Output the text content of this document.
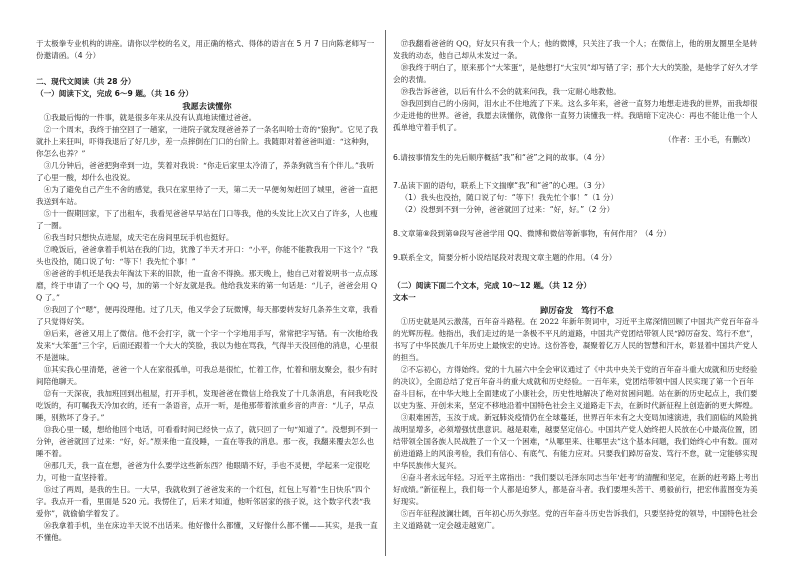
于太极拳专业机构的讲座。请你以学校的名义，用正确的格式、得体的语言在 5 月 7 日向陈老师写一份邀请函。（4 分）

二、现代文阅读（共 28 分）

（一）阅读下文，完成 6～9 题。（共 16 分）

我愿去读懂你

①我最后悔的一件事，就是很多年来从没有认真地读懂过爸爸。

②一个周末，我终于抽空回了一趟家，一进院子就发现爸爸养了一条名叫哈士奇的“狼狗”。它见了我就扑上来狂叫，吓得我退后了好几步，差一点摔倒在门口的台阶上。我随即对着爸爸叫道：“这种狗，你怎么也养？”

③几分钟后，爸爸把狗牵到一边，笑着对我说：“你走后家里太冷清了，养条狗就当有个伴儿。”我听了心里一酸，却什么也没说。

④为了避免自己产生不舍的感觉，我只在家里待了一天，第二天一早便匆匆赶回了城里，爸爸一直把我送到车站。

⑤十一假期回家，下了出租车，我看见爸爸早早站在门口等我，他的头发比上次又白了许多，人也瘦了一圈。

⑥我当时只想快点进屋，成天宅在房间里玩手机也挺好。

⑦晚饭后，爸爸拿着手机站在我的门边，犹豫了半天才开口：“小平，你能不能教我用一下这个？”我头也没抬，随口说了句：“等下！我先忙个事！”

⑧爸爸的手机还是我去年淘汰下来的旧款，他一直舍不得换。那天晚上，他自己对着说明书一点点琢磨，终于申请了一个 QQ 号，加的第一个好友就是我。他给我发来的第一句话是：“儿子，爸爸会用 QQ 了。”

⑨我回了个“嗯”，便再没理他。过了几天，他又学会了玩微博，每天都要转发好几条养生文章，我看了只觉得好笑。

⑩后来，爸爸又用上了微信。他不会打字，就一个字一个字地用手写，常常把字写错。有一次他给我发来“大笨蛋”三个字，后面还跟着一个大大的笑脸，我以为他在骂我，气得半天没回他的消息，心里很不是滋味。

⑪其实我心里清楚，爸爸一个人在家很孤单，可我总是很忙，忙着工作，忙着和朋友聚会，很少有时间陪他聊天。

⑫有一天深夜，我加班回到出租屋，打开手机，发现爸爸在微信上给我发了十几条消息，有问我吃没吃饭的，有叮嘱我天冷加衣的，还有一条语音，点开一听，是他那带着浓重乡音的声音：“儿子，早点睡，别熬坏了身子。”

⑬我心里一暖，想给他回个电话，可看看时间已经快一点了，就只回了一句“知道了”。没想到不到一分钟，爸爸就回了过来：“好，好。”原来他一直没睡，一直在等我的消息。那一夜，我翻来覆去怎么也睡不着。

⑭那几天，我一直在想，爸爸为什么要学这些新东西？他眼睛不好，手也不灵便，学起来一定很吃力，可他一直坚持着。

⑮过了两周，是我的生日。一大早，我就收到了爸爸发来的一个红包，红包上写着“生日快乐”四个字。我点开一看，里面是 520 元。我愣住了，后来才知道，他听邻居家的孩子说，这个数字代表“我爱你”，就偷偷学着发了。

⑯我拿着手机，坐在床边半天说不出话来。他好像什么都懂，又好像什么都不懂——其实，是我一直不懂他。

⑰我翻看爸爸的 QQ，好友只有我一个人；他的微博，只关注了我一个人；在微信上，他的朋友圈里全是转发我的动态，他自己却从未发过一条。

⑱我终于明白了，原来那个“大笨蛋”，是他想打“大宝贝”却写错了字；那个大大的笑脸，是他学了好久才学会的表情。

⑲我告诉爸爸，以后有什么不会的就来问我，我一定耐心地教他。

⑳我回到自己的小房间，泪水止不住地流了下来。这么多年来，爸爸一直努力地想走进我的世界，而我却很少走进他的世界。爸爸，我愿去读懂你，就像你一直努力读懂我一样。我暗暗下定决心：再也不能让他一个人孤单地守着手机了。

（作者：王小毛，有删改）

6.请按事情发生的先后顺序概括“我”和“爸”之间的故事。（4 分）

7.品读下面的语句，联系上下文揣摩“我”和“爸”的心理。（3 分）

（1）我头也没抬，随口说了句：“等下！我先忙个事！”（1 分）

（2）没想到不到一分钟，爸爸就回了过来：“好，好。”（2 分）

8.文章第⑧段到第⑩段写爸爸学用 QQ、微博和微信等新事物，有何作用？（4 分）

9.联系全文，简要分析小说结尾段对表现文章主题的作用。（4 分）

（二）阅读下面二个文本，完成 10～12 题。（共 12 分）

文本一

踔厉奋发　笃行不怠

①历史就是风云激荡，百年奋斗路程。在 2022 年新年贺词中，习近平主席深情回顾了中国共产党百年奋斗的光辉历程。他指出，我们走过的是一条极不平凡的道路，中国共产党团结带领人民“踔厉奋发、笃行不怠”，书写了中华民族几千年历史上最恢宏的史诗。这份答卷，凝聚着亿万人民的智慧和汗水，彰显着中国共产党人的担当。

②不忘初心，方得始终。党的十九届六中全会审议通过了《中共中央关于党的百年奋斗重大成就和历史经验的决议》，全面总结了党百年奋斗的重大成就和历史经验。一百年来，党团结带领中国人民实现了第一个百年奋斗目标，在中华大地上全面建成了小康社会，历史性地解决了绝对贫困问题。站在新的历史起点上，我们要以史为鉴、开创未来，坚定不移地沿着中国特色社会主义道路走下去，在新时代新征程上创造新的更大辉煌。

③艰难困苦，玉汝于成。新冠肺炎疫情仍在全球蔓延，世界百年未有之大变局加速演进，我们面临的风险挑战明显增多，必须增强忧患意识。越是艰难，越要坚定信心。中国共产党人始终把人民放在心中最高位置，团结带领全国各族人民战胜了一个又一个困难，“从哪里来、往哪里去”这个基本问题，我们始终心中有数。面对前进道路上的风浪考验，我们有信心、有底气、有能力应对。只要我们踔厉奋发、笃行不怠，就一定能够实现中华民族伟大复兴。

④奋斗者永远年轻。习近平主席指出：“我们要以毛泽东同志当年‘赶考’的清醒和坚定，在新的赶考路上考出好成绩。”新征程上，我们每一个人都是追梦人，都是奋斗者。我们要埋头苦干、勇毅前行，把宏伟蓝图变为美好现实。

⑤百年征程波澜壮阔，百年初心历久弥坚。党的百年奋斗历史告诉我们，只要坚持党的领导，中国特色社会主义道路就一定会越走越宽广。
